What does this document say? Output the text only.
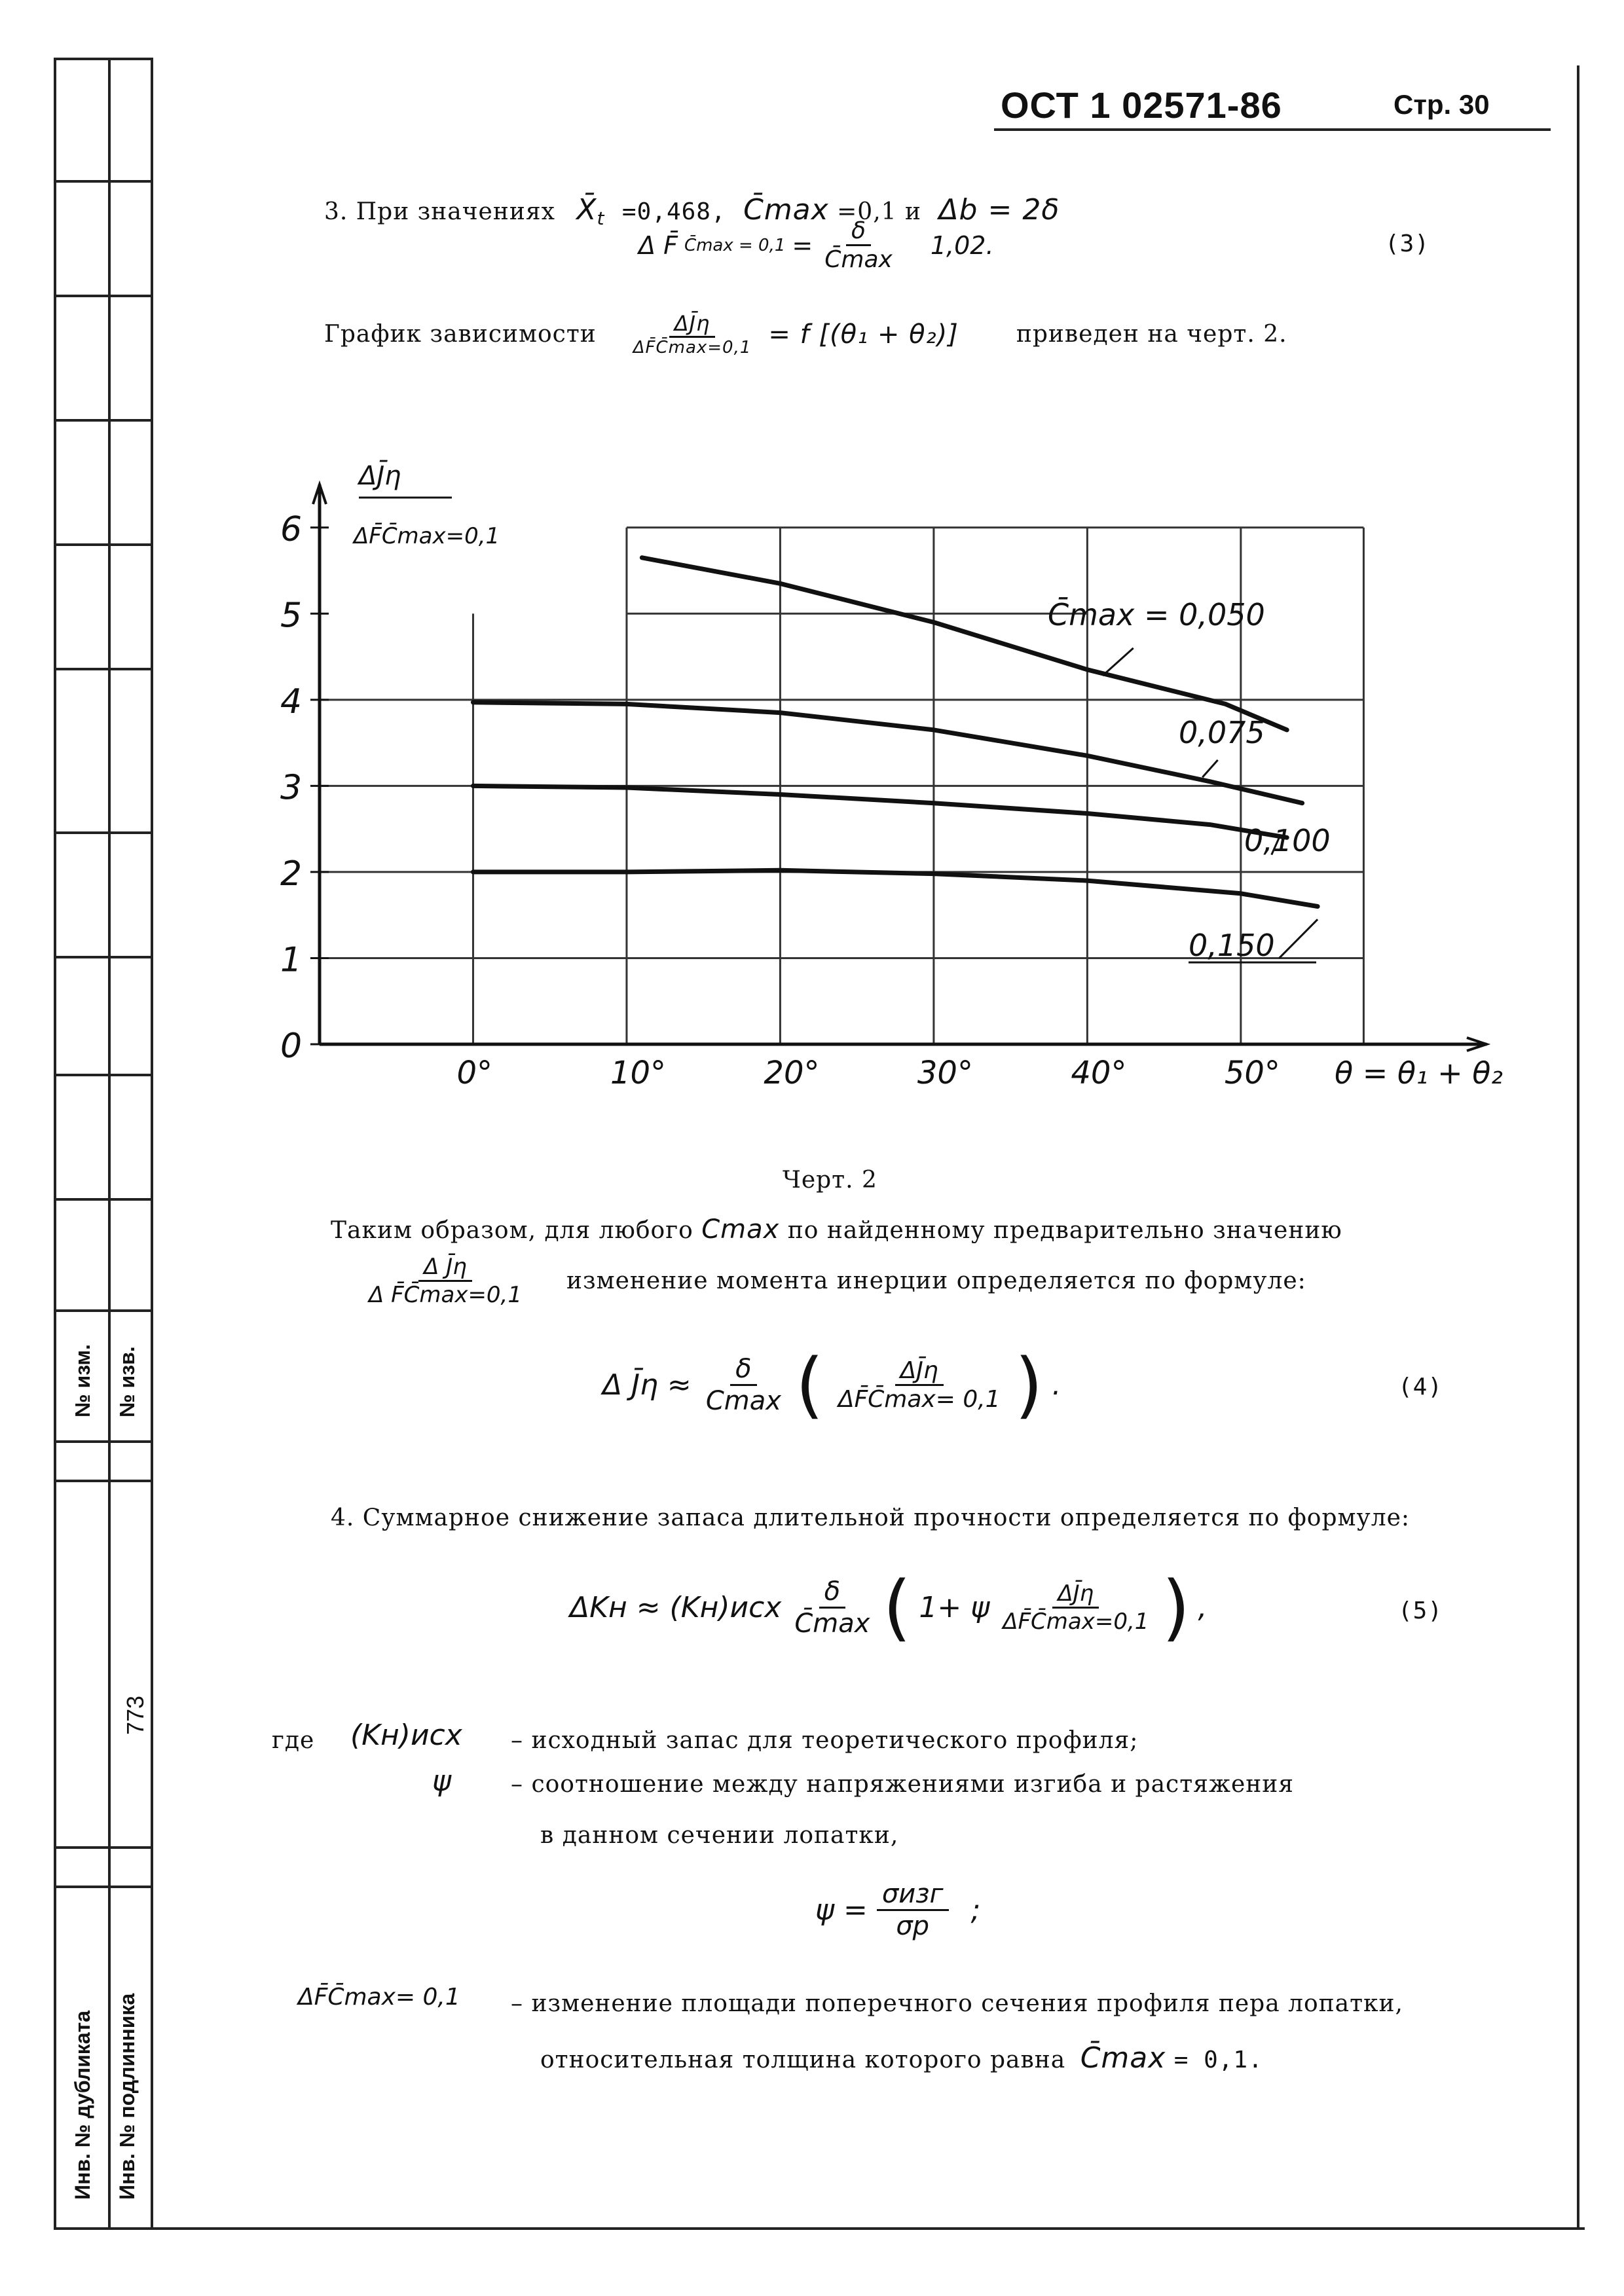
№ изм. № изв.
Инв. № дубликата Инв. № подлинника
773
ОСТ 1 02571-86	Стр. 30
3. При значениях $X̄_t =0,468$, C̄max =0,1 и Δb = 2δ
Δ F̄ C̄max = $0,1 = \frac{\delta}{C̄\max} 1,02$.	(3)
График зависимости $\frac{\Delta J̄\eta}{\Delta F̄C̄\max=0,1} = f$ [(θ₁ + θ₂)] приведен на черт. 2.
0
1
2
3
4
5
6
0°	10°	20°	30°	40°	50°
ΔJ̄η
ΔF̄C̄max=0,1
θ = θ₁ + θ₂
C̄max = 0,050
0,075
0,100
0,150
Черт. 2
Таким образом, для любого Cmax по найденному предварительно значению
$\frac{\text{Δ J̄η}}{\text{Δ F̄C̄max=0,1}}$ изменение момента инерции определяется по формуле:
Δ J̄η ≈ $\frac{\delta}{Cmax}$ ( $\frac{\Delta J̄\eta}{\Delta F̄C̄\max= 0,1}$ ) .	(4)
4. Суммарное снижение запаса длительной прочности определяется по формуле:
$\Delta Kн \approx (Kн)исх \frac{\delta}{C̄\max}$ ( 1+ ψ $\frac{\Delta J̄\eta}{\Delta F̄C̄\max=0,1}$ ) ,	(5)
где (Kн)исх – исходный запас для теоретического профиля;
ψ	– соотношение между напряжениями изгиба и растяжения
в данном сечении лопатки,
$\psi = \frac{\text{σизг}}{\sigma р}$ ;
ΔF̄C̄max= 0,1 – изменение площади поперечного сечения профиля пера лопатки,
относительная толщина которого равна C̄max = 0,1.
